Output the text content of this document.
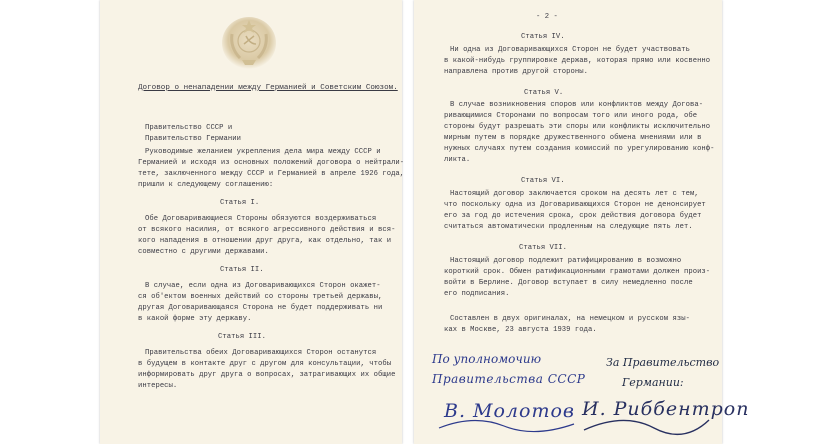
Договор о ненападении между Германией и Советским Союзом.
Правительство СССР и
Правительство Германии
Руководимые желанием укрепления дела мира между СССР и
Германией и исходя из основных положений договора о нейтрали-
тете, заключенного между СССР и Германией в апреле 1926 года,
пришли к следующему соглашению:
Статья I.
Обе Договаривающиеся Стороны обязуются воздерживаться
от всякого насилия, от всякого агрессивного действия и вся-
кого нападения в отношении друг друга, как отдельно, так и
совместно с другими державами.
Статья II.
В случае, если одна из Договаривающихся Сторон окажет-
ся об'ектом военных действий со стороны третьей державы,
другая Договаривающаяся Сторона не будет поддерживать ни
в какой форме эту державу.
Статья III.
Правительства обеих Договаривающихся Сторон останутся
в будущем в контакте друг с другом для консультации, чтобы
информировать друг друга о вопросах, затрагивающих их общие
интересы.
- 2 -
Статья IV.
Ни одна из Договаривающихся Сторон не будет участвовать
в какой-нибудь группировке держав, которая прямо или косвенно
направлена против другой стороны.
Статья V.
В случае возникновения споров или конфликтов между Догова-
ривающимися Сторонами по вопросам того или иного рода, обе
стороны будут разрешать эти споры или конфликты исключительно
мирным путем в порядке дружественного обмена мнениями или в
нужных случаях путем создания комиссий по урегулированию конф-
ликта.
Статья VI.
Настоящий договор заключается сроком на десять лет с тем,
что поскольку одна из Договаривающихся Сторон не денонсирует
его за год до истечения срока, срок действия договора будет
считаться автоматически продленным на следующие пять лет.
Статья VII.
Настоящий договор подлежит ратифицированию в возможно
короткий срок. Обмен ратификационными грамотами должен произ-
войти в Берлине. Договор вступает в силу немедленно после
его подписания.
Составлен в двух оригиналах, на немецком и русском язы-
ках в Москве, 23 августа 1939 года.
По уполномочию
Правительства СССР
За Правительство
Германии:
В. Молотов И. Риббентроп
